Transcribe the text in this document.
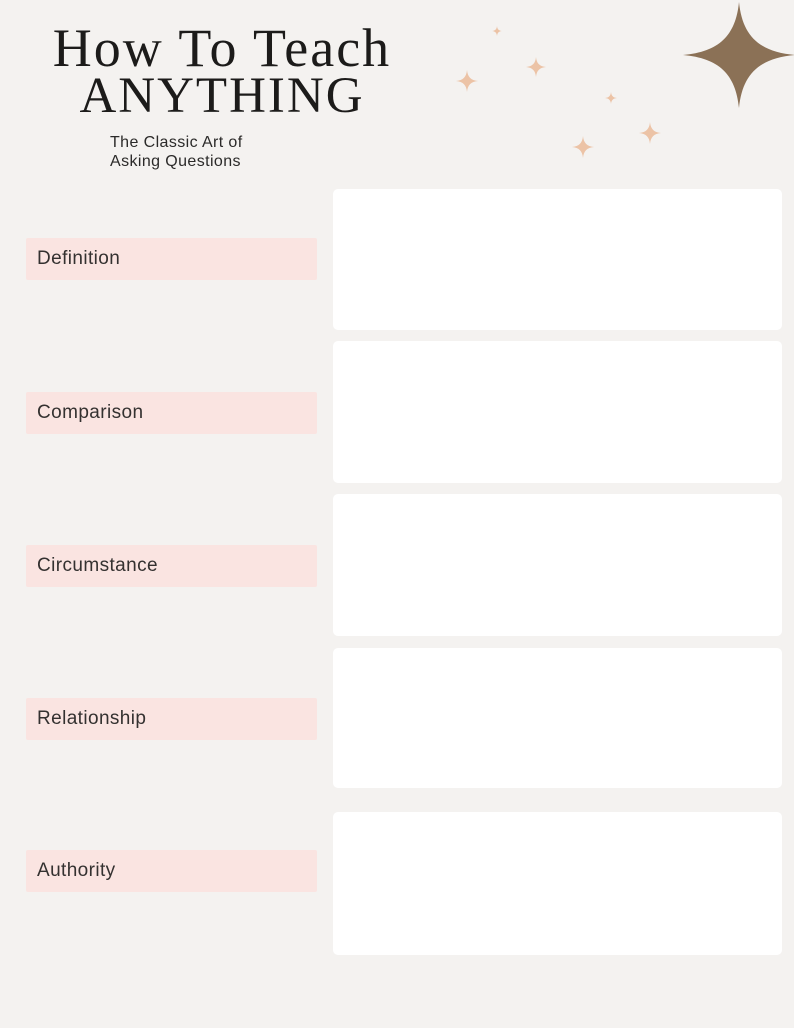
How To Teach
ANYTHING

The Classic Art of
Asking Questions

Definition
Comparison
Circumstance
Relationship
Authority
